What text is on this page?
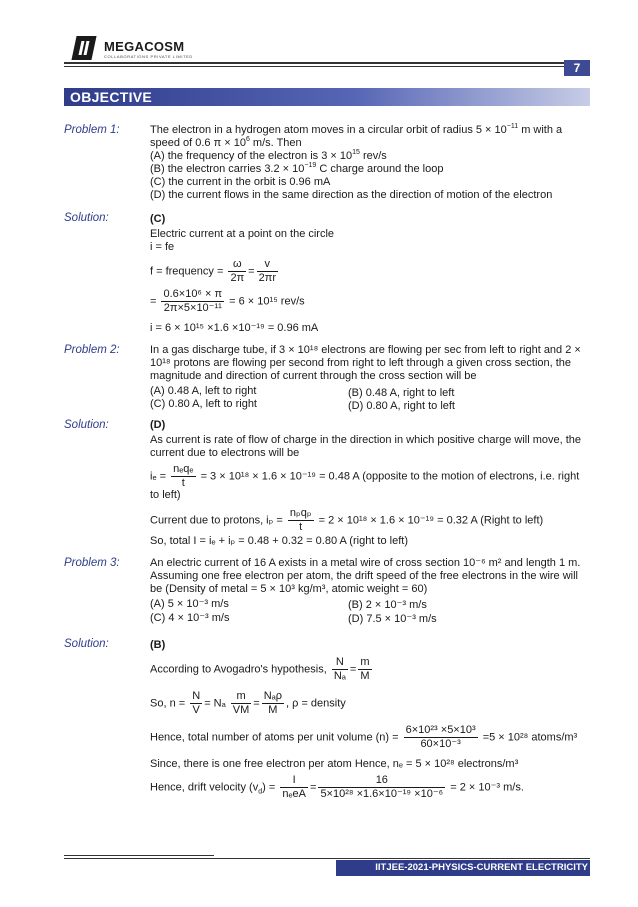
MEGACOSM
COLLABORATIONS PRIVATE LIMITED
7
OBJECTIVE
Problem 1:	The electron in a hydrogen atom moves in a circular orbit of radius $5 \times 10^{-11}$ m with a speed of 0.6 $\pi \times 10^6$ m/s. Then

(A) the frequency of the electron is $3 \times 10^{15}$ rev/s

(B) the electron carries $3.2 \times 10^{-19}$ C charge around the loop

(C) the current in the orbit is 0.96 mA

(D) the current flows in the same direction as the direction of motion of the electron

Solution:	(C)
Electric current at a point on the circle
i = fe
f = frequency = $\frac{\omega}{2\pi} = \frac{v}{2\pi r}$
= $\frac{\text{0.6×10⁶ × π}}{\text{2π×5×10⁻¹¹}} = 6 \times 10^{15}$ rev/s
i = 6 × 10¹⁵ ×1.6 ×10⁻¹⁹ = 0.96 mA
Problem 2:	In a gas discharge tube, if 3 × 10¹⁸ electrons are flowing per sec from left to right and 2 × 10¹⁸ protons are flowing per second from right to left through a given cross section, the magnitude and direction of current through the cross section will be
(A) 0.48 A, left to right	(B) 0.48 A, right to left
(C) 0.80 A, left to right	(D) 0.80 A, right to left
Solution:	(D)
As current is rate of flow of charge in the direction in which positive charge will move, the current due to electrons will be
$i_e = \frac{\text{nₑqₑ}}{t} = 3 \times 10^{18} \times 1.6 \times 10^{-19} = 0.48$ A (opposite to the motion of electrons, i.e. right
to left)
Current due to protons, $i_p = \frac{\text{nₚqₚ}}{t} = 2 \times 10^{18} \times 1.6 \times 10^{-19} = 0.32$ A (Right to left)
So, total I = iₑ + iₚ = 0.48 + 0.32 = 0.80 A (right to left)
Problem 3:	An electric current of 16 A exists in a metal wire of cross section 10⁻⁶ m² and length 1 m. Assuming one free electron per atom, the drift speed of the free electrons in the wire will be (Density of metal = 5 × 10³ kg/m³, atomic weight = 60)
(A) 5 × 10⁻³ m/s	(B) 2 × 10⁻³ m/s
(C) 4 × 10⁻³ m/s	(D) 7.5 × 10⁻³ m/s
Solution:	(B)
According to Avogadro's hypothesis, $\frac{N}{\text{Nₐ}} = \frac{m}{M}$
So, $n = \frac{N}{V} = N_a \frac{m}{VM} = \frac{\text{Nₐρ}}{M}$ , ρ = density
Hence, total number of atoms per unit volume $(n) = \frac{\text{6×10²³ ×5×10³}}{\text{60×10⁻³}} =5 \times 10^{28}$ atoms/m³
Since, there is one free electron per atom Hence, nₑ = 5 × 10²⁸ electrons/m³
Hence, drift velocity $(v_d) = \frac{I}{\text{nₑeA}} = \frac{16}{\text{5×10²⁸ ×1.6×10⁻¹⁹ ×10⁻⁶}} = 2 \times 10^{-3}$ m/s.
IITJEE-2021-PHYSICS-CURRENT ELECTRICITY
